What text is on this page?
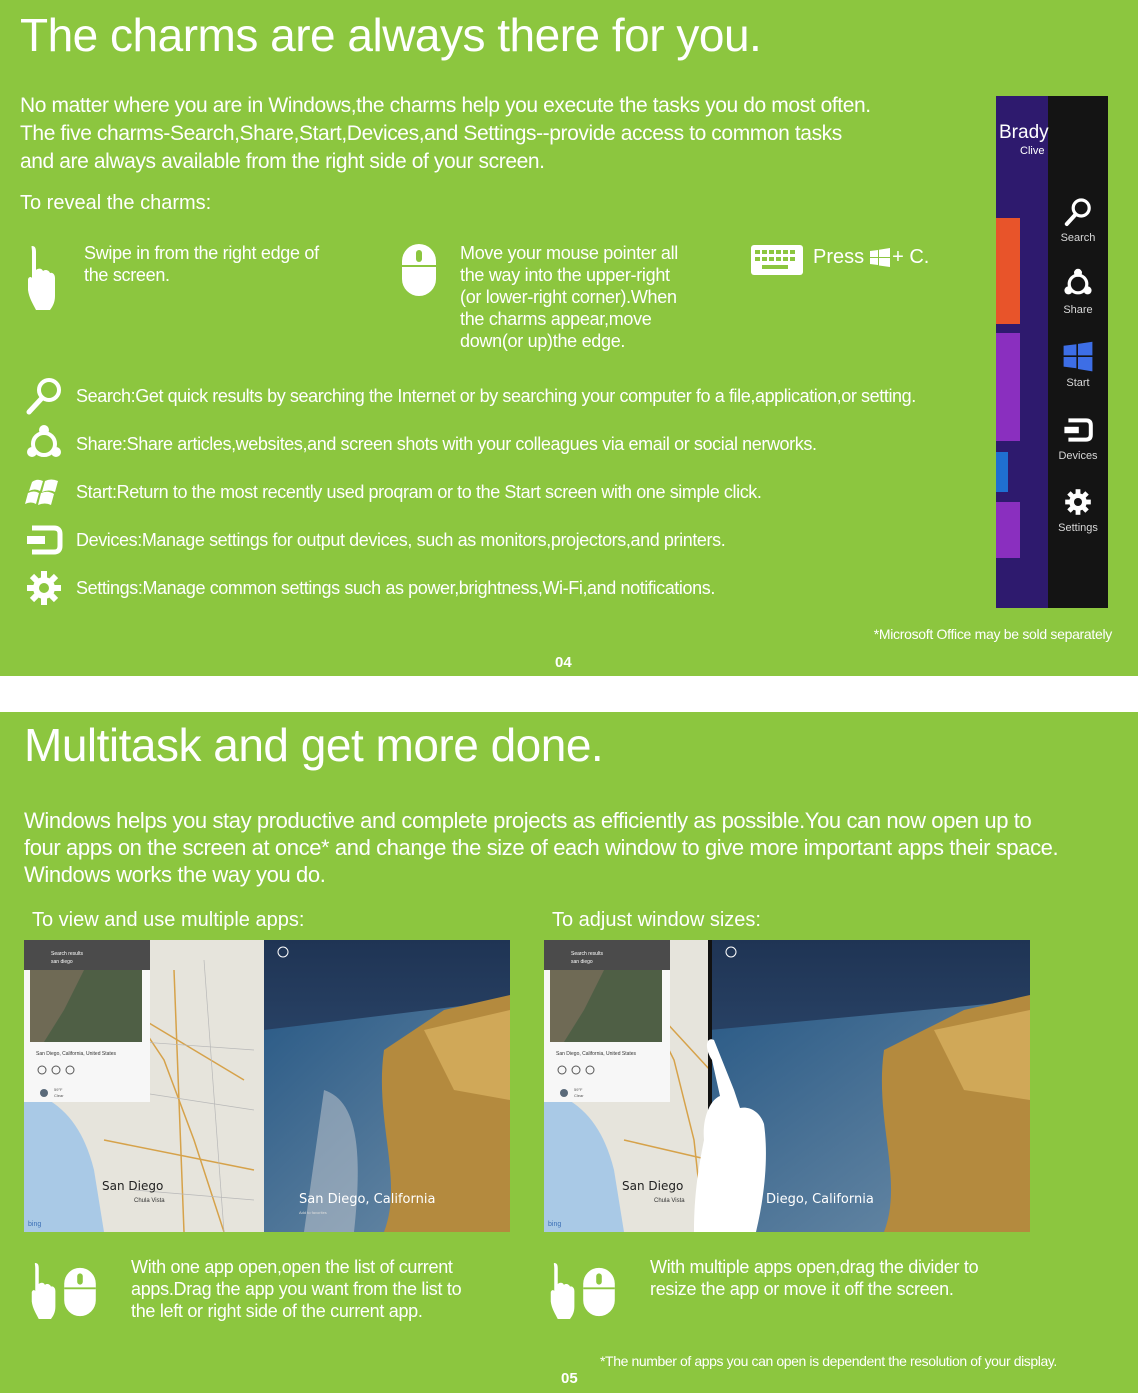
The charms are always there for you.
No matter where you are in Windows,the charms help you execute the tasks you do most often.
The five charms-Search,Share,Start,Devices,and Settings--provide access to common tasks
and are always available from the right side of your screen.
To reveal the charms:
Swipe in from the right edge of
the screen.
Move your mouse pointer all
the way into the upper-right
(or lower-right corner).When
the charms appear,move
down(or up)the edge.
Press + C.
Search:Get quick results by searching the Internet or by searching your computer fo a file,application,or setting.
Share:Share articles,websites,and screen shots with your colleagues via email or social nerworks.
Start:Return to the most recently used proqram or to the Start screen with one simple click.
Devices:Manage settings for output devices, such as monitors,projectors,and printers.
Settings:Manage common settings such as power,brightness,Wi-Fi,and notifications.
Brady
Clive
Search
Share
Start
Devices
Settings
*Microsoft Office may be sold separately
04
Multitask and get more done.
Windows helps you stay productive and complete projects as efficiently as possible.You can now open up to
four apps on the screen at once* and change the size of each window to give more important apps their space.
Windows works the way you do.
To view and use multiple apps:	To adjust window sizes:
Search results
san diego
San Diego, California, United States
59°F
Clear
San Diego
Chula Vista
bing
San Diego, California
Add to favorites
Search results
san diego
San Diego, California, United States
59°F
Clear
San Diego
Chula Vista
bing
Diego, California
With one app open,open the list of current
apps.Drag the app you want from the list to
the left or right side of the current app.
With multiple apps open,drag the divider to
resize the app or move it off the screen.
*The number of apps you can open is dependent the resolution of your display.
05
